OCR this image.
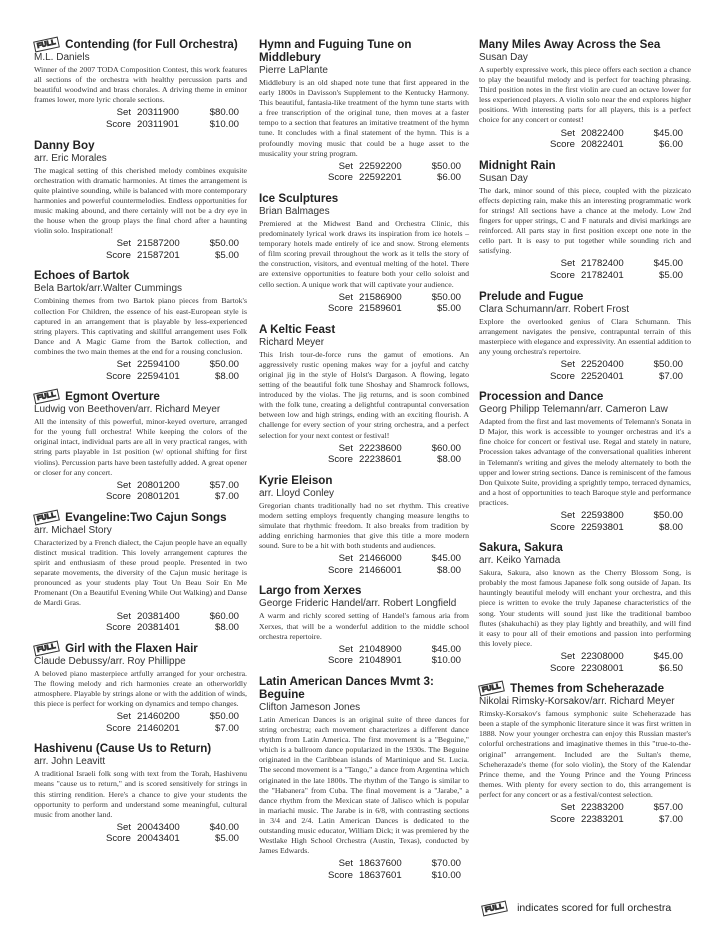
FULL Contending (for Full Orchestra)
M.L. Daniels
Winner of the 2007 TODA Composition Contest, this work features all sections of the orchestra with healthy percussion parts and beautiful woodwind and brass chorales. A driving theme in eminor frames lower, more lyric chorale sections.
Set 20311900	$80.00
Score 20311901	$10.00
Danny Boy
arr. Eric Morales
The magical setting of this cherished melody combines exquisite orchestration with dramatic harmonies. At times the arrangement is quite plaintive sounding, while is balanced with more contemporary harmonies and powerful countermelodies. Endless opportunities for music making abound, and there certainly will not be a dry eye in the house when the group plays the final chord after a haunting violin solo. Inspirational!
Set 21587200	$50.00
Score 21587201	$5.00
Echoes of Bartok
Bela Bartok/arr.Walter Cummings
Combining themes from two Bartok piano pieces from Bartok's collection For Children, the essence of his east-European style is captured in an arrangement that is playable by less-experienced string players. This captivating and skillful arrangement uses Folk Dance and A Magic Game from the Bartok collection, and combines the two main themes at the end for a rousing conclusion.
Set 22594100	$50.00
Score 22594101	$8.00
FULL Egmont Overture
Ludwig von Beethoven/arr. Richard Meyer
All the intensity of this powerful, minor-keyed overture, arranged for the young full orchestra! While keeping the colors of the original intact, individual parts are all in very practical ranges, with string parts playable in 1st position (w/ optional shifting for first violins). Percussion parts have been tastefully added. A great opener or closer for any concert.
Set 20801200	$57.00
Score 20801201	$7.00
FULL Evangeline:Two Cajun Songs
arr. Michael Story
Characterized by a French dialect, the Cajun people have an equally distinct musical tradition. This lovely arrangement captures the spirit and enthusiasm of these proud people. Presented in two separate movements, the diversity of the Cajun music heritage is pronounced as your students play Tout Un Beau Soir En Me Promenant (On a Beautiful Evening While Out Walking) and Danse de Mardi Gras.
Set 20381400	$60.00
Score 20381401	$8.00
FULL Girl with the Flaxen Hair
Claude Debussy/arr. Roy Phillippe
A beloved piano masterpiece artfully arranged for your orchestra. The flowing melody and rich harmonies create an otherworldly atmosphere. Playable by strings alone or with the addition of winds, this piece is perfect for working on dynamics and tempo changes.
Set 21460200	$50.00
Score 21460201	$7.00
Hashivenu (Cause Us to Return)
arr. John Leavitt
A traditional Israeli folk song with text from the Torah, Hashivenu means "cause us to return," and is scored sensitively for strings in this stirring rendition. Here's a chance to give your students the opportunity to perform and understand some meaningful, cultural music from another land.
Set 20043400	$40.00
Score 20043401	$5.00
Hymn and Fuguing Tune on Middlebury
Pierre LaPlante
Middlebury is an old shaped note tune that first appeared in the early 1800s in Davisson's Supplement to the Kentucky Harmony. This beautiful, fantasia-like treatment of the hymn tune starts with a free transcription of the original tune, then moves at a faster tempo to a section that features an imitative treatment of the hymn tune. It concludes with a final statement of the hymn. This is a profoundly moving music that could be a huge asset to the musicality your string program.
Set 22592200	$50.00
Score 22592201	$6.00
Ice Sculptures
Brian Balmages
Premiered at the Midwest Band and Orchestra Clinic, this predominately lyrical work draws its inspiration from ice hotels – temporary hotels made entirely of ice and snow. Strong elements of film scoring prevail throughout the work as it tells the story of the construction, visitors, and eventual melting of the hotel. There are extensive opportunities to feature both your cello soloist and cello section. A unique work that will captivate your audience.
Set 21586900	$50.00
Score 21589601	$5.00
A Keltic Feast
Richard Meyer
This Irish tour-de-force runs the gamut of emotions. An aggressively rustic opening makes way for a joyful and catchy original jig in the style of Holst's Dargason. A flowing, legato setting of the beautiful folk tune Shoshay and Shamrock follows, introduced by the violas. The jig returns, and is soon combined with the folk tune, creating a delightful contrapuntal conversation between low and high strings, ending with an exciting flourish. A challenge for every section of your string orchestra, and a perfect selection for your next contest or festival!
Set 22238600	$60.00
Score 22238601	$8.00
Kyrie Eleison
arr. Lloyd Conley
Gregorian chants traditionally had no set rhythm. This creative modern setting employs frequently changing measure lengths to simulate that rhythmic freedom. It also breaks from tradition by adding enriching harmonies that give this title a more modern sound. Sure to be a hit with both students and audiences.
Set 21466000	$45.00
Score 21466001	$8.00
Largo from Xerxes
George Frideric Handel/arr. Robert Longfield
A warm and richly scored setting of Handel's famous aria from Xerxes, that will be a wonderful addition to the middle school orchestra repertoire.
Set 21048900	$45.00
Score 21048901	$10.00
Latin American Dances Mvmt 3: Beguine
Clifton Jameson Jones
Latin American Dances is an original suite of three dances for string orchestra; each movement characterizes a different dance rhythm from Latin America. The first movement is a "Beguine," which is a ballroom dance popularized in the 1930s. The Beguine originated in the Caribbean islands of Martinique and St. Lucia. The second movement is a "Tango," a dance from Argentina which originated in the late 1800s. The rhythm of the Tango is similar to the "Habanera" from Cuba. The final movement is a "Jarabe," a dance rhythm from the Mexican state of Jalisco which is popular in mariachi music. The Jarabe is in 6/8, with contrasting sections in 3/4 and 2/4. Latin American Dances is dedicated to the outstanding music educator, William Dick; it was premiered by the Westlake High School Orchestra (Austin, Texas), conducted by James Edwards.
Set 18637600	$70.00
Score 18637601	$10.00
Many Miles Away Across the Sea
Susan Day
A superbly expressive work, this piece offers each section a chance to play the beautiful melody and is perfect for teaching phrasing. Third position notes in the first violin are cued an octave lower for less experienced players. A violin solo near the end explores higher positions. With interesting parts for all players, this is a perfect choice for any concert or contest!
Set 20822400	$45.00
Score 20822401	$6.00
Midnight Rain
Susan Day
The dark, minor sound of this piece, coupled with the pizzicato effects depicting rain, make this an interesting programmatic work for strings! All sections have a chance at the melody. Low 2nd fingers for upper strings, C and F naturals and divisi markings are reinforced. All parts stay in first position except one note in the cello part. It is easy to put together while sounding rich and satisfying.
Set 21782400	$45.00
Score 21782401	$5.00
Prelude and Fugue
Clara Schumann/arr. Robert Frost
Explore the overlooked genius of Clara Schumann. This arrangement navigates the pensive, contrapuntal terrain of this masterpiece with elegance and expressivity. An essential addition to any young orchestra's repertoire.
Set 22520400	$50.00
Score 22520401	$7.00
Procession and Dance
Georg Philipp Telemann/arr. Cameron Law
Adapted from the first and last movements of Telemann's Sonata in D Major, this work is accessible to younger orchestras and it's a fine choice for concert or festival use. Regal and stately in nature, Procession takes advantage of the conversational qualities inherent in Telemann's writing and gives the melody alternately to both the upper and lower string sections. Dance is reminiscent of the famous Don Quixote Suite, providing a sprightly tempo, terraced dynamics, and a host of opportunities to teach Baroque style and performance practices.
Set 22593800	$50.00
Score 22593801	$8.00
Sakura, Sakura
arr. Keiko Yamada
Sakura, Sakura, also known as the Cherry Blossom Song, is probably the most famous Japanese folk song outside of Japan. Its hauntingly beautiful melody will enchant your orchestra, and this piece is written to evoke the truly Japanese characteristics of the song. Your students will sound just like the traditional bamboo flutes (shakuhachi) as they play lightly and breathily, and will find it easy to pour all of their emotions and passion into performing this lovely piece.
Set 22308000	$45.00
Score 22308001	$6.50
FULL Themes from Scheherazade
Nikolai Rimsky-Korsakov/arr. Richard Meyer
Rimsky-Korsakov's famous symphonic suite Scheherazade has been a staple of the symphonic literature since it was first written in 1888. Now your younger orchestra can enjoy this Russian master's colorful orchestrations and imaginative themes in this "true-to-the-original" arrangement. Included are the Sultan's theme, Scheherazade's theme (for solo violin), the Story of the Kalendar Prince theme, and the Young Prince and the Young Princess themes. With plenty for every section to do, this arrangement is perfect for any concert or as a festival/contest selection.
Set 22383200	$57.00
Score 22383201	$7.00
FULL	indicates scored for full orchestra
